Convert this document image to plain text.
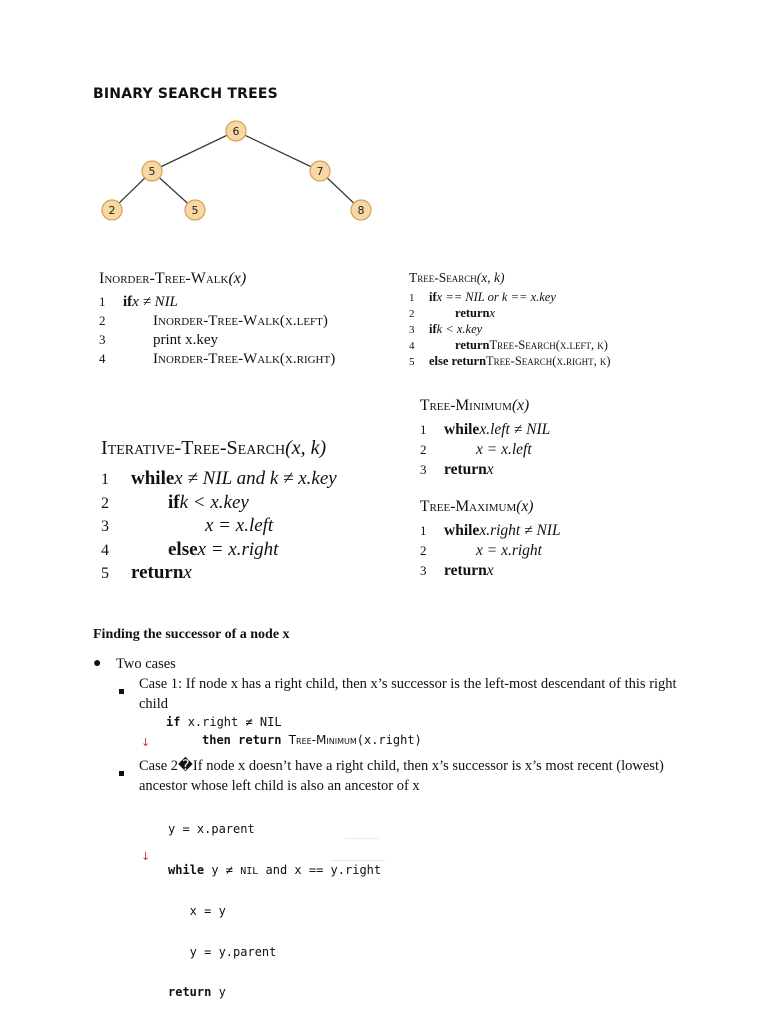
BINARY SEARCH TREES
6
5	7
2	5	8
Inorder-Tree-Walk(x)
1	if x ≠ NIL
2	Inorder-Tree-Walk(x.left)
3	print x.key
4	Inorder-Tree-Walk(x.right)
Tree-Search(x, k)
1	if x == NIL or k == x.key
2	return x
3	if k < x.key
4	return Tree-Search(x.left, k)
5	else return Tree-Search(x.right, k)
Iterative-Tree-Search(x, k)
1	while x ≠ NIL and k ≠ x.key
2	if k < x.key
3	x = x.left
4	else x = x.right
5	return x
Tree-Minimum(x)
1	while x.left ≠ NIL
2	x = x.left
3	return x
Tree-Maximum(x)
1	while x.right ≠ NIL
2	x = x.right
3	return x
Finding the successor of a node x
● Two cases
Case 1: If node x has a right child, then x’s successor is the left-most descendant of this right child
if x.right ≠ NIL
then return Tree-Minimum(x.right)
↓
Case 2�If node x doesn’t have a right child, then x’s successor is x’s most recent (lowest) ancestor whose left child is also an ancestor of x

y = x.parent

while y ≠ NIL and x == y.right

x = y

y = y.parent

return y

↓
